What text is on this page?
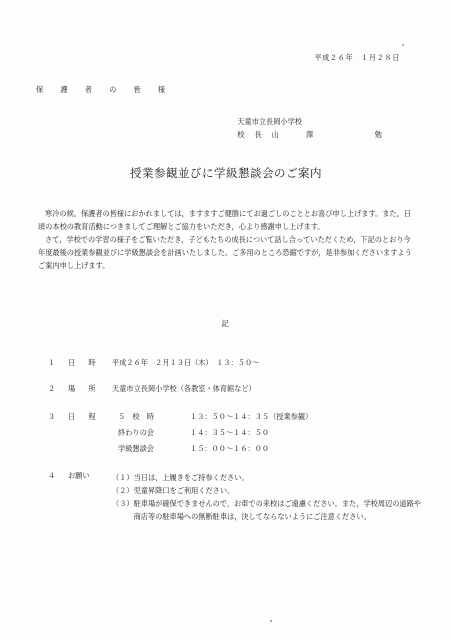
平成２６年　１月２８日
保　護　者　の　皆　様
天童市立長岡小学校
校長山　澤　　　勉
授業参観並びに学級懇談会のご案内

寒冷の候，保護者の皆様におかれましては，ますますご健勝にてお過ごしのこととお喜び申し上げます。また，日頃の本校の教育活動につきましてご理解とご協力をいただき，心より感謝申し上げます。

さて，学校での学習の様子をご覧いただき，子どもたちの成長について話し合っていただくため，下記のとおり今年度最後の授業参観並びに学級懇談会を計画いたしました。ご多用のところ恐縮ですが，是非参加くださいますようご案内申し上げます。

記
１ 日　時 平成２６年　２月１３日（木）　１３：５０～
２ 場　所 天童市立長岡小学校（各教室・体育館など）
３ 日　程	５　校　時	１３：５０～１４：３５（授業参観）
終わりの会	１４：３５～１４：５０
学級懇談会	１５：００～１６：００
４ お願い	（１） 当日は，上履きをご持参ください。
（２） 児童昇降口をご利用ください。
（３） 駐車場が確保できませんので，お車での来校はご遠慮ください。また，学校周辺の道路や商店等の駐車場への無断駐車は，決してならないようにご注意ください。
